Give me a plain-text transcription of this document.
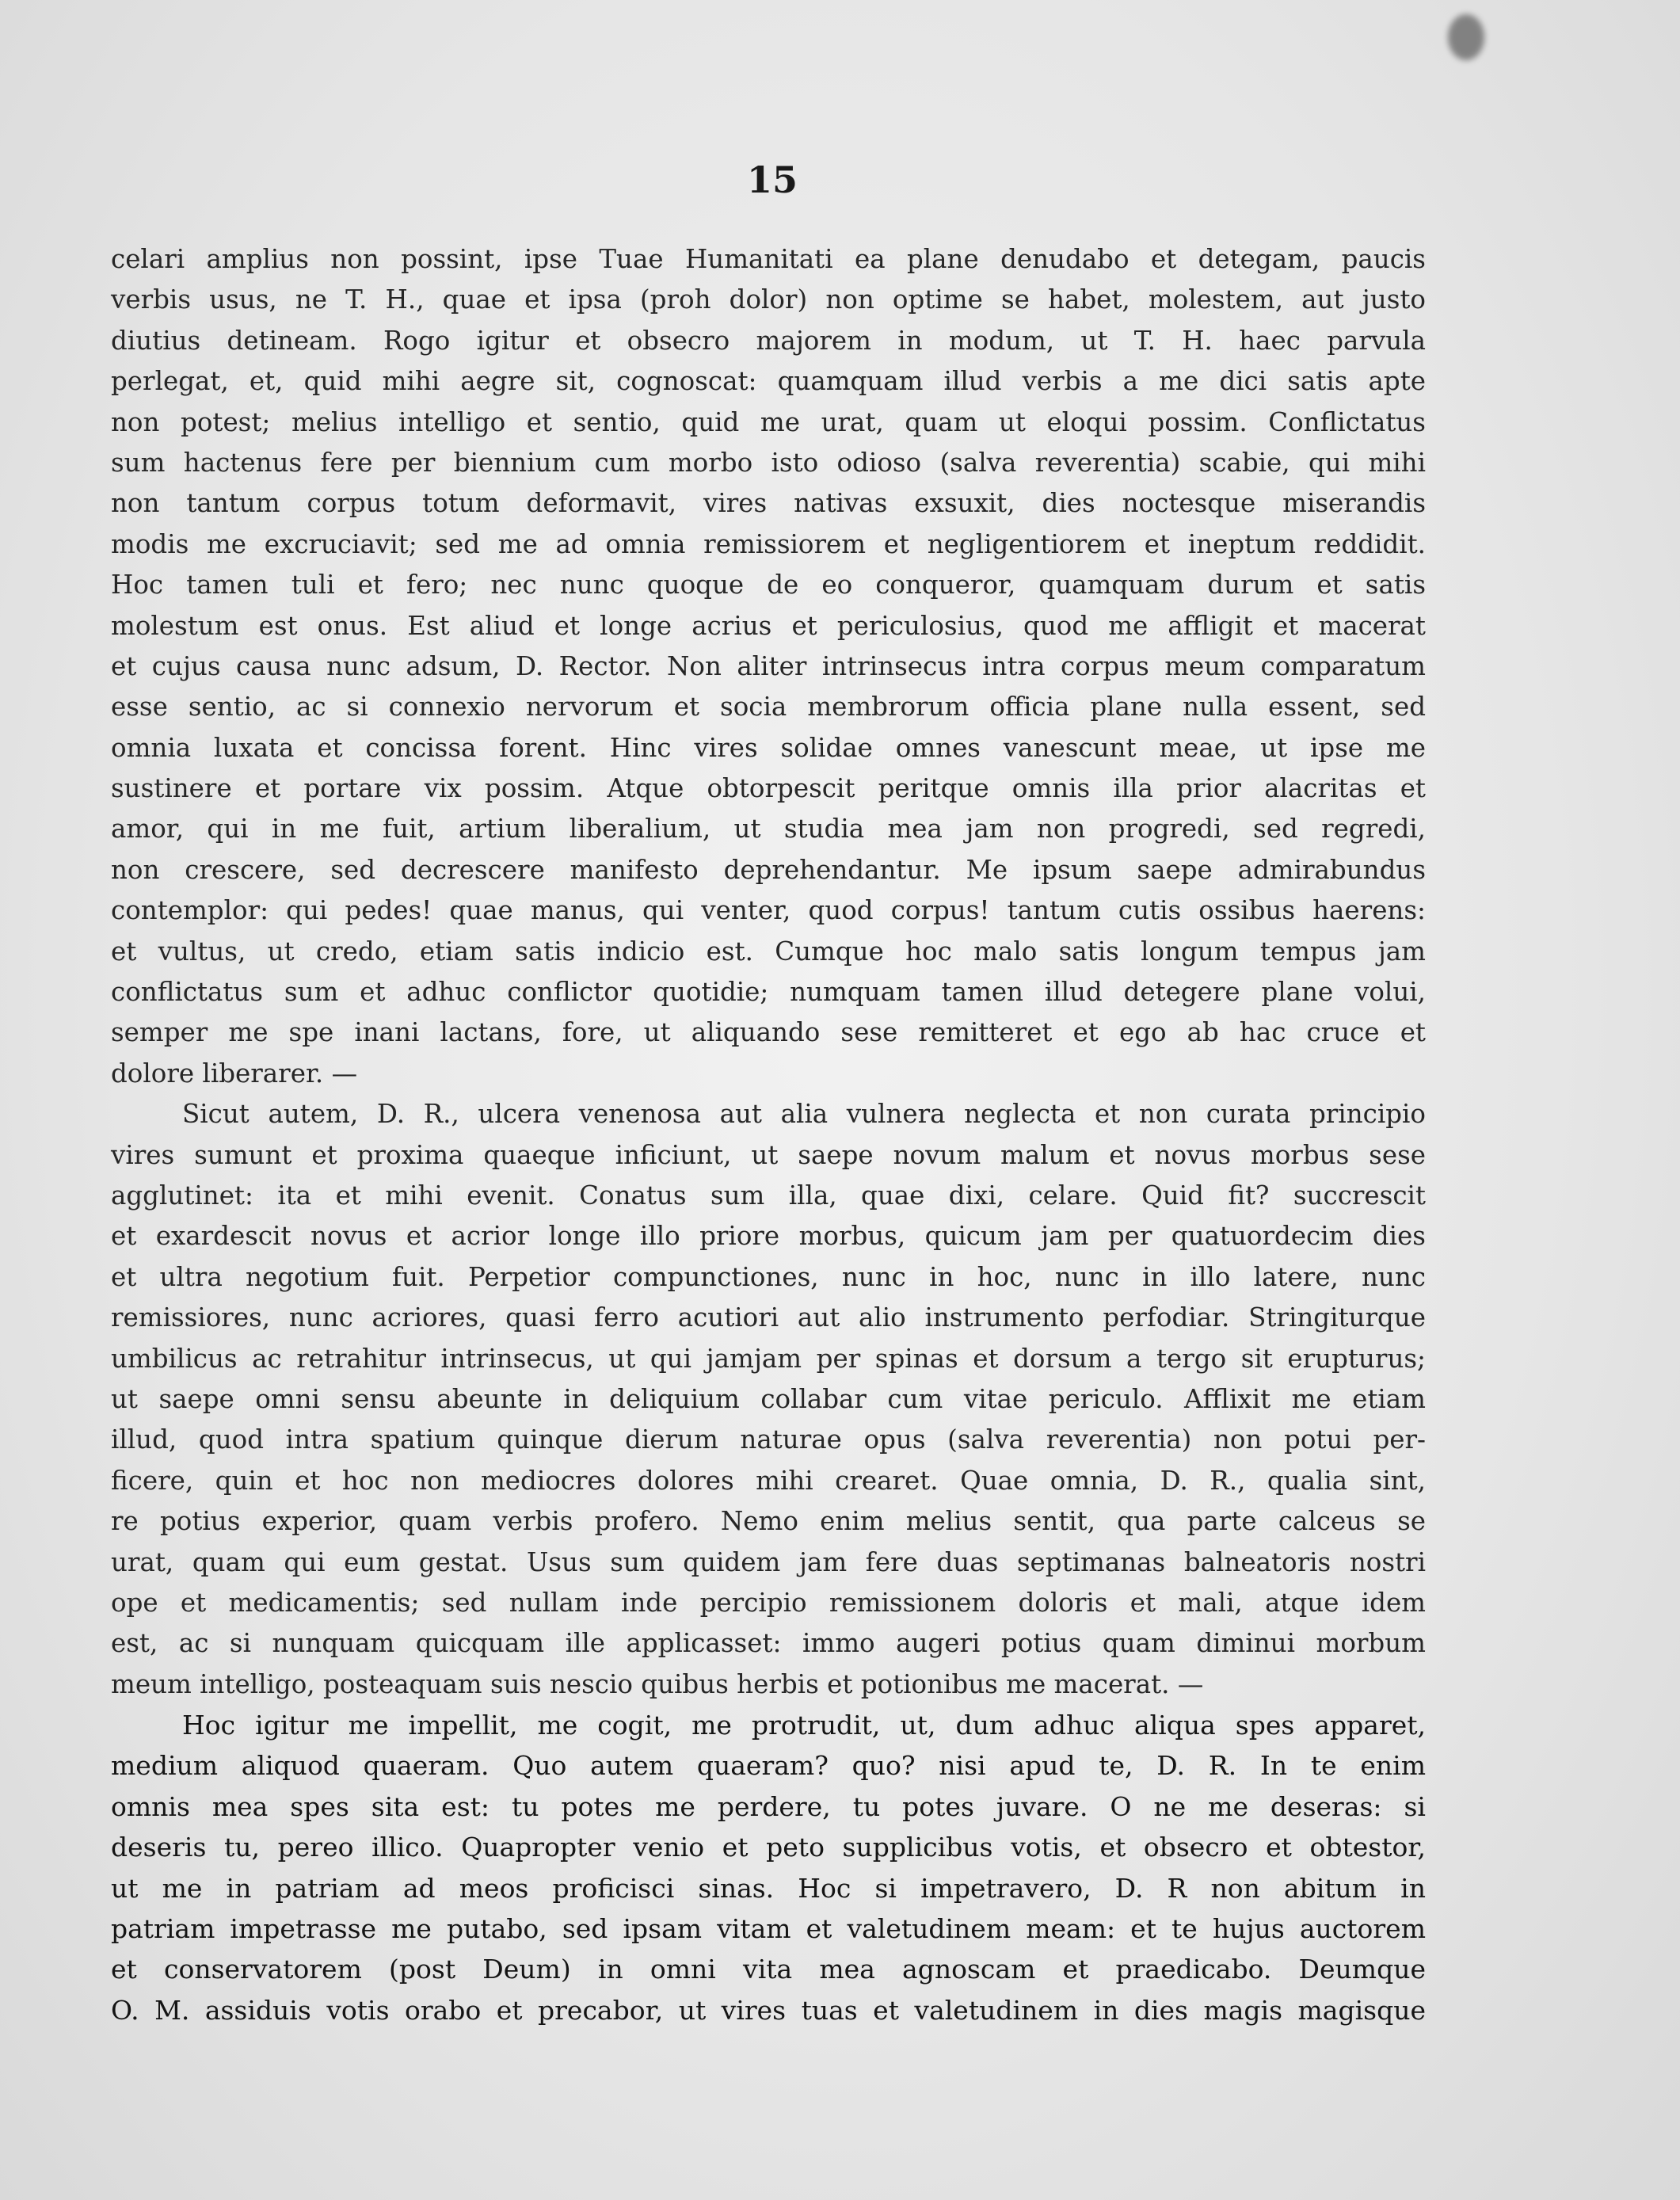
15
celari amplius non possint, ipse Tuae Humanitati ea plane denudabo et detegam, paucis
verbis usus, ne T. H., quae et ipsa (proh dolor) non optime se habet, molestem, aut justo
diutius detineam. Rogo igitur et obsecro majorem in modum, ut T. H. haec parvula
perlegat, et, quid mihi aegre sit, cognoscat: quamquam illud verbis a me dici satis apte
non potest; melius intelligo et sentio, quid me urat, quam ut eloqui possim. Conflictatus
sum hactenus fere per biennium cum morbo isto odioso (salva reverentia) scabie, qui mihi
non tantum corpus totum deformavit, vires nativas exsuxit, dies noctesque miserandis
modis me excruciavit; sed me ad omnia remissiorem et negligentiorem et ineptum reddidit.
Hoc tamen tuli et fero; nec nunc quoque de eo conqueror, quamquam durum et satis
molestum est onus. Est aliud et longe acrius et periculosius, quod me affligit et macerat
et cujus causa nunc adsum, D. Rector. Non aliter intrinsecus intra corpus meum comparatum
esse sentio, ac si connexio nervorum et socia membrorum officia plane nulla essent, sed
omnia luxata et concissa forent. Hinc vires solidae omnes vanescunt meae, ut ipse me
sustinere et portare vix possim. Atque obtorpescit peritque omnis illa prior alacritas et
amor, qui in me fuit, artium liberalium, ut studia mea jam non progredi, sed regredi,
non crescere, sed decrescere manifesto deprehendantur. Me ipsum saepe admirabundus
contemplor: qui pedes! quae manus, qui venter, quod corpus! tantum cutis ossibus haerens:
et vultus, ut credo, etiam satis indicio est. Cumque hoc malo satis longum tempus jam
conflictatus sum et adhuc conflictor quotidie; numquam tamen illud detegere plane volui,
semper me spe inani lactans, fore, ut aliquando sese remitteret et ego ab hac cruce et
dolore liberarer. —
Sicut autem, D. R., ulcera venenosa aut alia vulnera neglecta et non curata principio
vires sumunt et proxima quaeque inficiunt, ut saepe novum malum et novus morbus sese
agglutinet: ita et mihi evenit. Conatus sum illa, quae dixi, celare. Quid fit? succrescit
et exardescit novus et acrior longe illo priore morbus, quicum jam per quatuordecim dies
et ultra negotium fuit. Perpetior compunctiones, nunc in hoc, nunc in illo latere, nunc
remissiores, nunc acriores, quasi ferro acutiori aut alio instrumento perfodiar. Stringiturque
umbilicus ac retrahitur intrinsecus, ut qui jamjam per spinas et dorsum a tergo sit erupturus;
ut saepe omni sensu abeunte in deliquium collabar cum vitae periculo. Afflixit me etiam
illud, quod intra spatium quinque dierum naturae opus (salva reverentia) non potui per-
ficere, quin et hoc non mediocres dolores mihi crearet. Quae omnia, D. R., qualia sint,
re potius experior, quam verbis profero. Nemo enim melius sentit, qua parte calceus se
urat, quam qui eum gestat. Usus sum quidem jam fere duas septimanas balneatoris nostri
ope et medicamentis; sed nullam inde percipio remissionem doloris et mali, atque idem
est, ac si nunquam quicquam ille applicasset: immo augeri potius quam diminui morbum
meum intelligo, posteaquam suis nescio quibus herbis et potionibus me macerat. —
Hoc igitur me impellit, me cogit, me protrudit, ut, dum adhuc aliqua spes apparet,
medium aliquod quaeram. Quo autem quaeram? quo? nisi apud te, D. R. In te enim
omnis mea spes sita est: tu potes me perdere, tu potes juvare. O ne me deseras: si
deseris tu, pereo illico. Quapropter venio et peto supplicibus votis, et obsecro et obtestor,
ut me in patriam ad meos proficisci sinas. Hoc si impetravero, D. R non abitum in
patriam impetrasse me putabo, sed ipsam vitam et valetudinem meam: et te hujus auctorem
et conservatorem (post Deum) in omni vita mea agnoscam et praedicabo. Deumque
O. M. assiduis votis orabo et precabor, ut vires tuas et valetudinem in dies magis magisque
